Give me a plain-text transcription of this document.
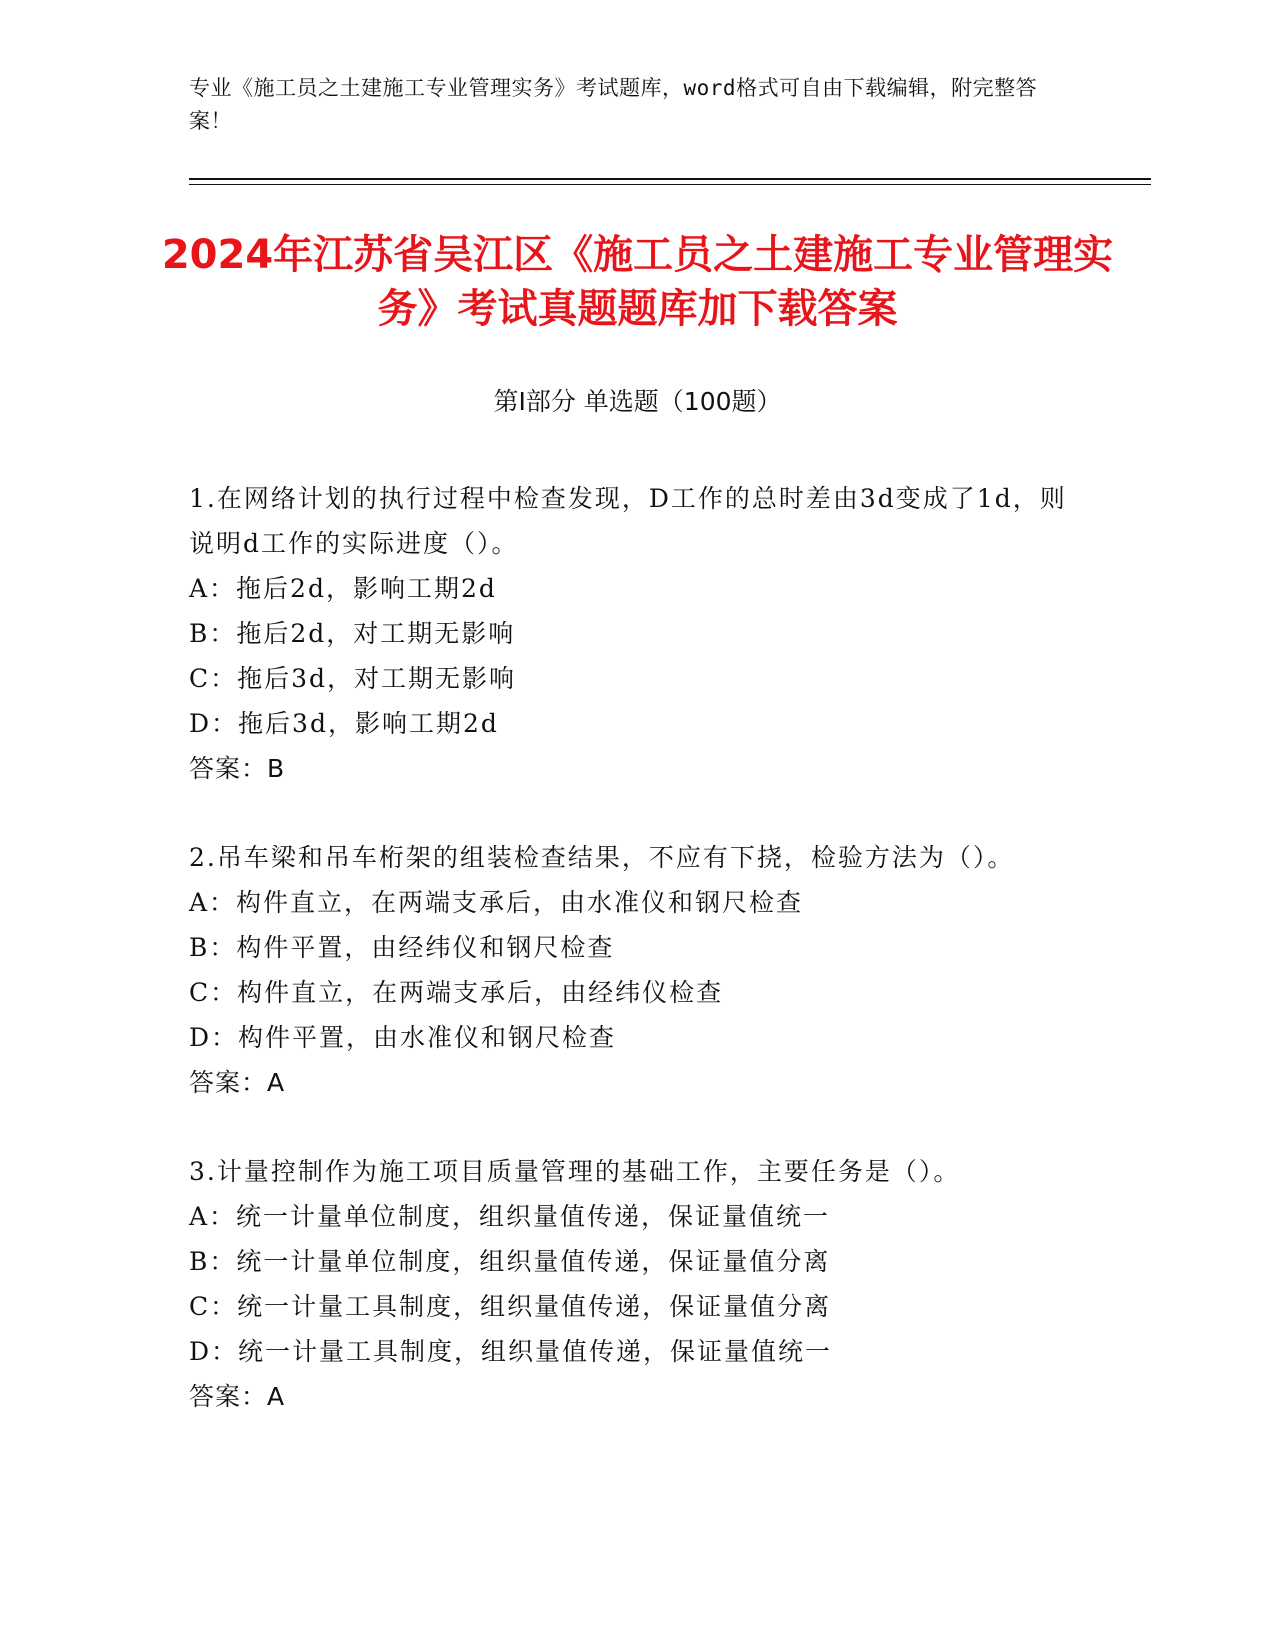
专业《施工员之土建施工专业管理实务》考试题库，word格式可自由下载编辑，附完整答案！
2024年江苏省吴江区《施工员之土建施工专业管理实务》考试真题题库加下载答案
第Ⅰ部分 单选题（100题）
1.在网络计划的执行过程中检查发现，D工作的总时差由3d变成了1d，则说明d工作的实际进度（）。
A：拖后2d，影响工期2d
B：拖后2d，对工期无影响
C：拖后3d，对工期无影响
D：拖后3d，影响工期2d
答案：B
2.吊车梁和吊车桁架的组装检查结果，不应有下挠，检验方法为（）。
A：构件直立，在两端支承后，由水准仪和钢尺检查
B：构件平置，由经纬仪和钢尺检查
C：构件直立，在两端支承后，由经纬仪检查
D：构件平置，由水准仪和钢尺检查
答案：A
3.计量控制作为施工项目质量管理的基础工作，主要任务是（）。
A：统一计量单位制度，组织量值传递，保证量值统一
B：统一计量单位制度，组织量值传递，保证量值分离
C：统一计量工具制度，组织量值传递，保证量值分离
D：统一计量工具制度，组织量值传递，保证量值统一
答案：A
